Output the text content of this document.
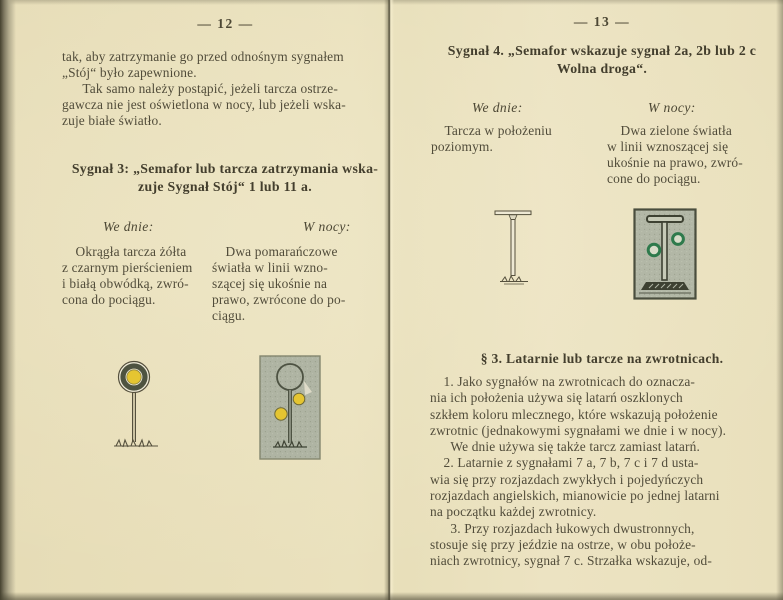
— 12 —
tak, aby zatrzymanie go przed odnośnym sygnałem
„Stój“ było zapewnione.
  Tak samo należy postąpić, jeżeli tarcza ostrze-
gawcza nie jest oświetlona w nocy, lub jeżeli wska-
zuje białe światło.
Sygnał 3: „Semafor lub tarcza zatrzymania wska-
zuje Sygnał Stój“ 1 lub 11 a.
We dnie:	W nocy:
 Okrągła tarcza żółta
z czarnym pierścieniem
i białą obwódką, zwró-
cona do pociągu.
 Dwa pomarańczowe
światła w linii wzno-
szącej się ukośnie na
prawo, zwrócone do po-
ciągu.
— 13 —
Sygnał 4. „Semafor wskazuje sygnał 2a, 2b lub 2 c
Wolna droga“.
We dnie:	W nocy:
 Tarcza w położeniu
poziomym.
 Dwa zielone światła
w linii wznoszącej się
ukośnie na prawo, zwró-
cone do pociągu.
§ 3. Latarnie lub tarcze na zwrotnicach.
 1. Jako sygnałów na zwrotnicach do oznacza-
nia ich położenia używa się latarń oszklonych
szkłem koloru mlecznego, które wskazują położenie
zwrotnic (jednakowymi sygnałami we dnie i w nocy).
  We dnie używa się także tarcz zamiast latarń.
 2. Latarnie z sygnałami 7 a, 7 b, 7 c i 7 d usta-
wia się przy rozjazdach zwykłych i pojedyńczych
rozjazdach angielskich, mianowicie po jednej latarni
na początku każdej zwrotnicy.
  3. Przy rozjazdach łukowych dwustronnych,
stosuje się przy jeździe na ostrze, w obu położe-
niach zwrotnicy, sygnał 7 c. Strzałka wskazuje, od-
